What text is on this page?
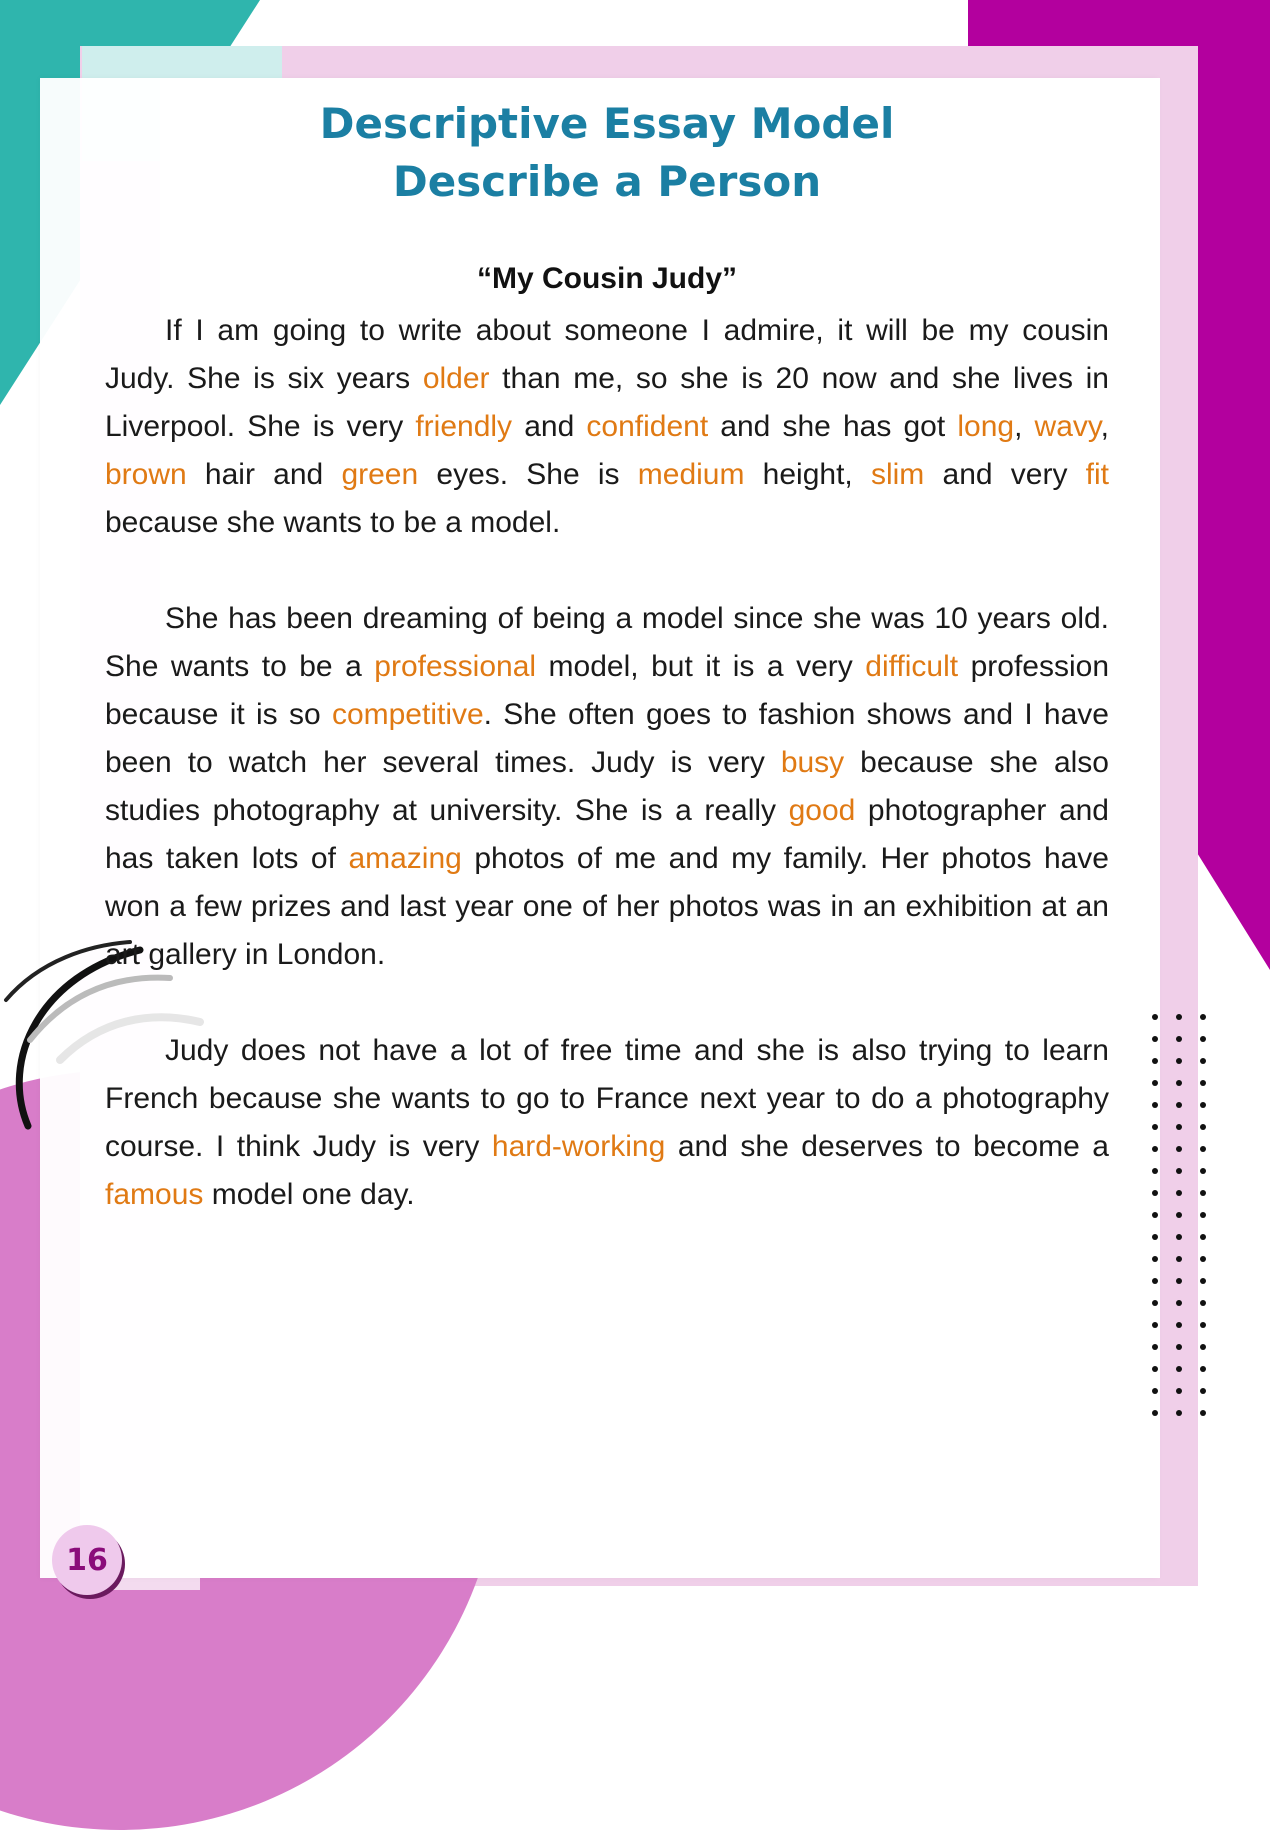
Descriptive Essay Model
Describe a Person
“My Cousin Judy”

If I am going to write about someone I admire, it will be my cousin Judy. She is six years older than me, so she is 20 now and she lives in Liverpool. She is very friendly and confident and she has got long, wavy, brown hair and green eyes. She is medium height, slim and very fit because she wants to be a model.

She has been dreaming of being a model since she was 10 years old. She wants to be a professional model, but it is a very difficult profession because it is so competitive. She often goes to fashion shows and I have been to watch her several times. Judy is very busy because she also studies photography at university. She is a really good photographer and has taken lots of amazing photos of me and my family. Her photos have won a few prizes and last year one of her photos was in an exhibition at an art gallery in London.

Judy does not have a lot of free time and she is also trying to learn French because she wants to go to France next year to do a photography course. I think Judy is very hard-working and she deserves to become a famous model one day.

16
